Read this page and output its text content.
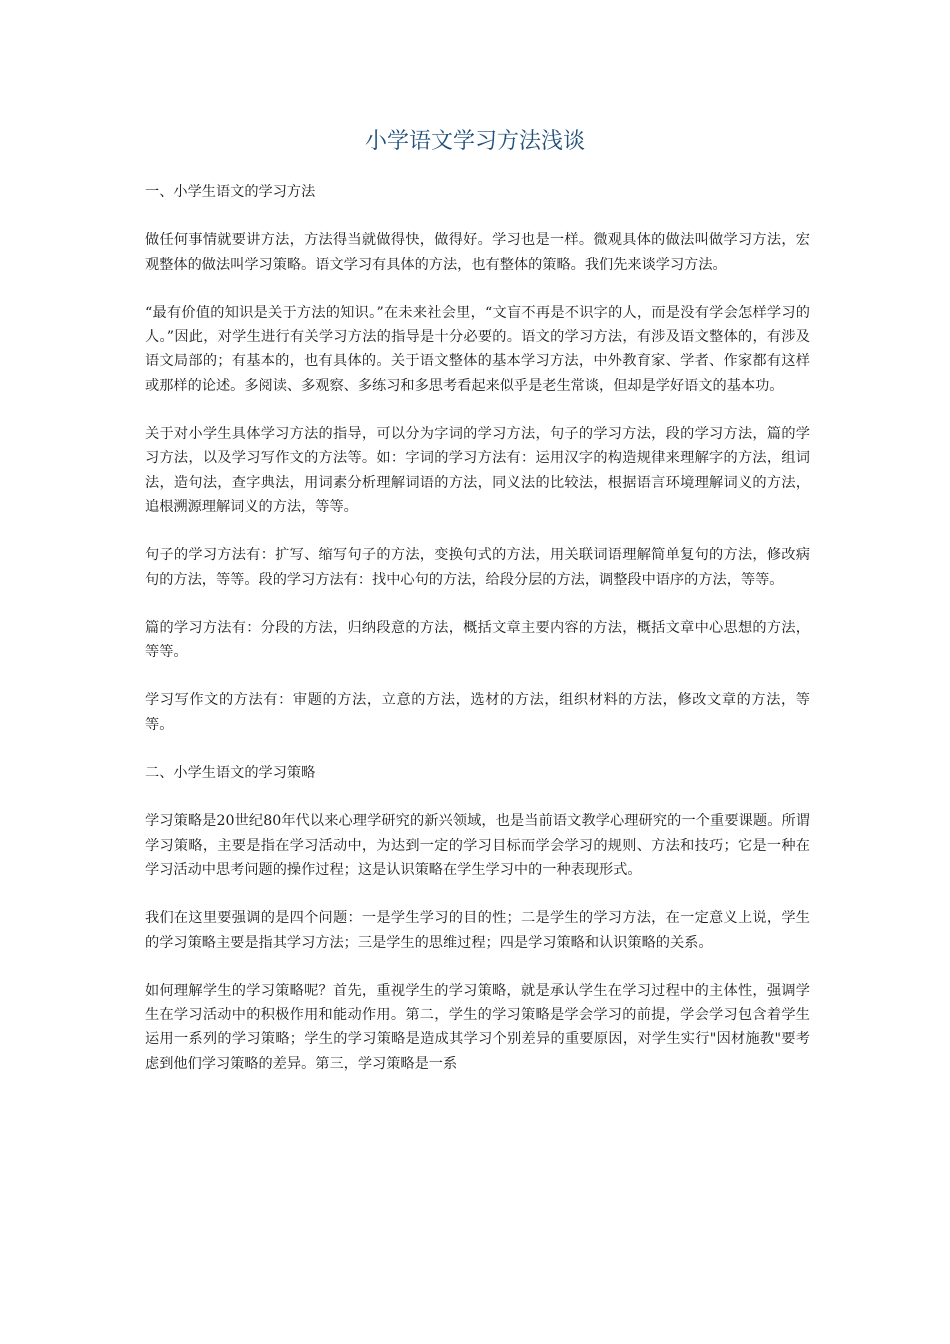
小学语文学习方法浅谈
一、小学生语文的学习方法
做任何事情就要讲方法，方法得当就做得快，做得好。学习也是一样。微观具体的做法叫做学习方法，宏观整体的做法叫学习策略。语文学习有具体的方法，也有整体的策略。我们先来谈学习方法。
“最有价值的知识是关于方法的知识。”在未来社会里，“文盲不再是不识字的人，而是没有学会怎样学习的人。”因此，对学生进行有关学习方法的指导是十分必要的。语文的学习方法，有涉及语文整体的，有涉及语文局部的；有基本的，也有具体的。关于语文整体的基本学习方法，中外教育家、学者、作家都有这样或那样的论述。多阅读、多观察、多练习和多思考看起来似乎是老生常谈，但却是学好语文的基本功。
关于对小学生具体学习方法的指导，可以分为字词的学习方法，句子的学习方法，段的学习方法，篇的学习方法，以及学习写作文的方法等。如：字词的学习方法有：运用汉字的构造规律来理解字的方法，组词法，造句法，查字典法，用词素分析理解词语的方法，同义法的比较法，根据语言环境理解词义的方法，追根溯源理解词义的方法，等等。
句子的学习方法有：扩写、缩写句子的方法，变换句式的方法，用关联词语理解简单复句的方法，修改病句的方法，等等。段的学习方法有：找中心句的方法，给段分层的方法，调整段中语序的方法，等等。
篇的学习方法有：分段的方法，归纳段意的方法，概括文章主要内容的方法，概括文章中心思想的方法，等等。
学习写作文的方法有：审题的方法，立意的方法，选材的方法，组织材料的方法，修改文章的方法，等等。
二、小学生语文的学习策略
学习策略是20世纪80年代以来心理学研究的新兴领域，也是当前语文教学心理研究的一个重要课题。所谓学习策略，主要是指在学习活动中，为达到一定的学习目标而学会学习的规则、方法和技巧；它是一种在学习活动中思考问题的操作过程；这是认识策略在学生学习中的一种表现形式。
我们在这里要强调的是四个问题：一是学生学习的目的性；二是学生的学习方法，在一定意义上说，学生的学习策略主要是指其学习方法；三是学生的思维过程；四是学习策略和认识策略的关系。
如何理解学生的学习策略呢？首先，重视学生的学习策略，就是承认学生在学习过程中的主体性，强调学生在学习活动中的积极作用和能动作用。第二，学生的学习策略是学会学习的前提，学会学习包含着学生运用一系列的学习策略；学生的学习策略是造成其学习个别差异的重要原因，对学生实行"因材施教"要考虑到他们学习策略的差异。第三，学习策略是一系
